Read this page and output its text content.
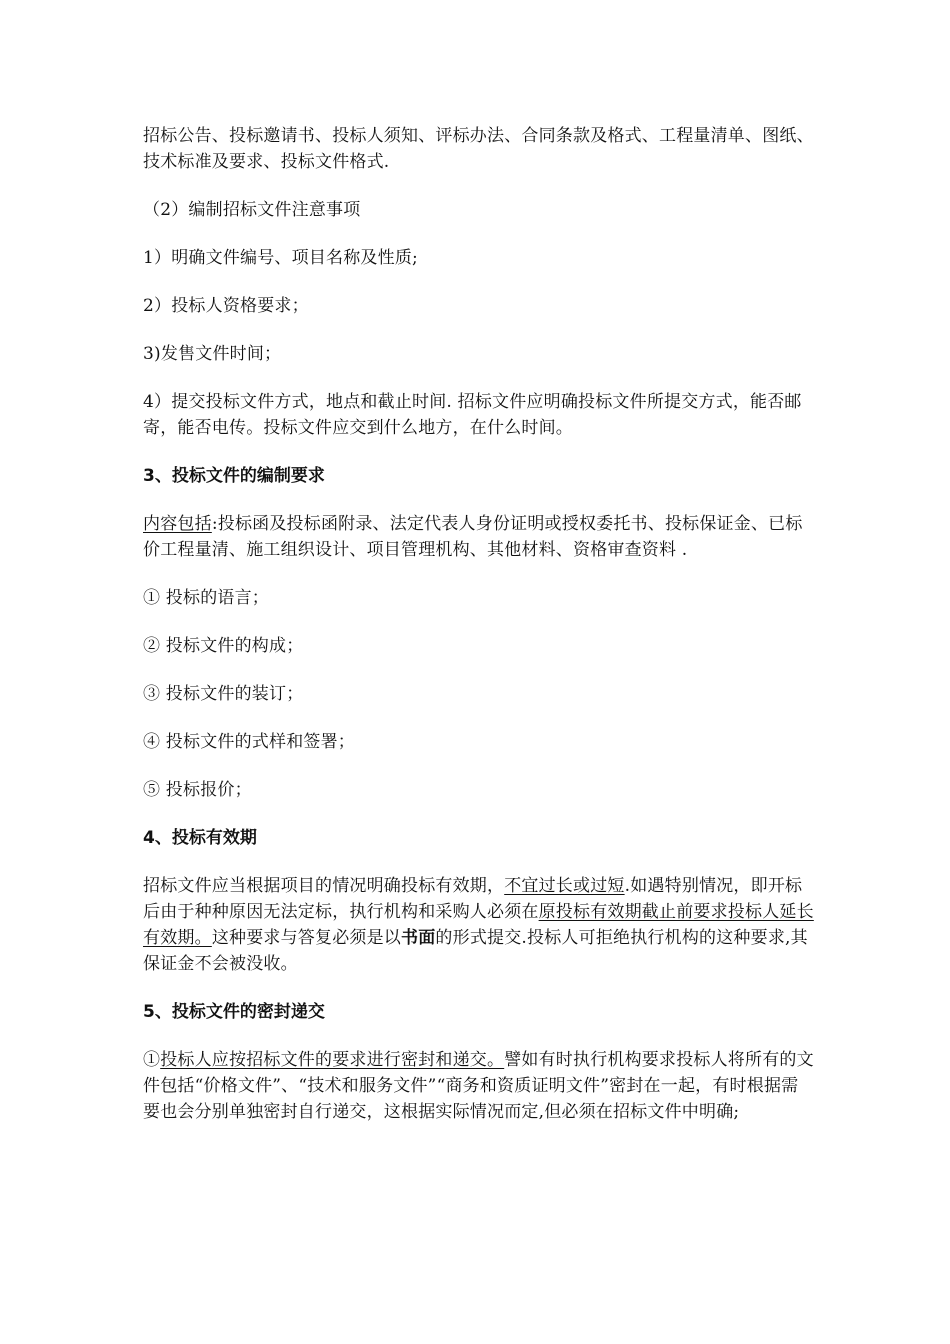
招标公告、投标邀请书、投标人须知、评标办法、合同条款及格式、工程量清单、图纸、技术标准及要求、投标文件格式.

（2）编制招标文件注意事项

1）明确文件编号、项目名称及性质;

2）投标人资格要求；

3)发售文件时间；

4）提交投标文件方式，地点和截止时间. 招标文件应明确投标文件所提交方式，能否邮寄，能否电传。投标文件应交到什么地方，在什么时间。

3、投标文件的编制要求

内容包括:投标函及投标函附录、法定代表人身份证明或授权委托书、投标保证金、已标价工程量清、施工组织设计、项目管理机构、其他材料、资格审查资料 .

① 投标的语言；

② 投标文件的构成；

③ 投标文件的装订；

④ 投标文件的式样和签署；

⑤ 投标报价；

4、投标有效期

招标文件应当根据项目的情况明确投标有效期，不宜过长或过短.如遇特别情况，即开标后由于种种原因无法定标，执行机构和采购人必须在原投标有效期截止前要求投标人延长有效期。这种要求与答复必须是以书面的形式提交.投标人可拒绝执行机构的这种要求,其保证金不会被没收。

5、投标文件的密封递交

①投标人应按招标文件的要求进行密封和递交。譬如有时执行机构要求投标人将所有的文件包括“价格文件”、“技术和服务文件”“商务和资质证明文件”密封在一起，有时根据需要也会分别单独密封自行递交，这根据实际情况而定,但必须在招标文件中明确;
